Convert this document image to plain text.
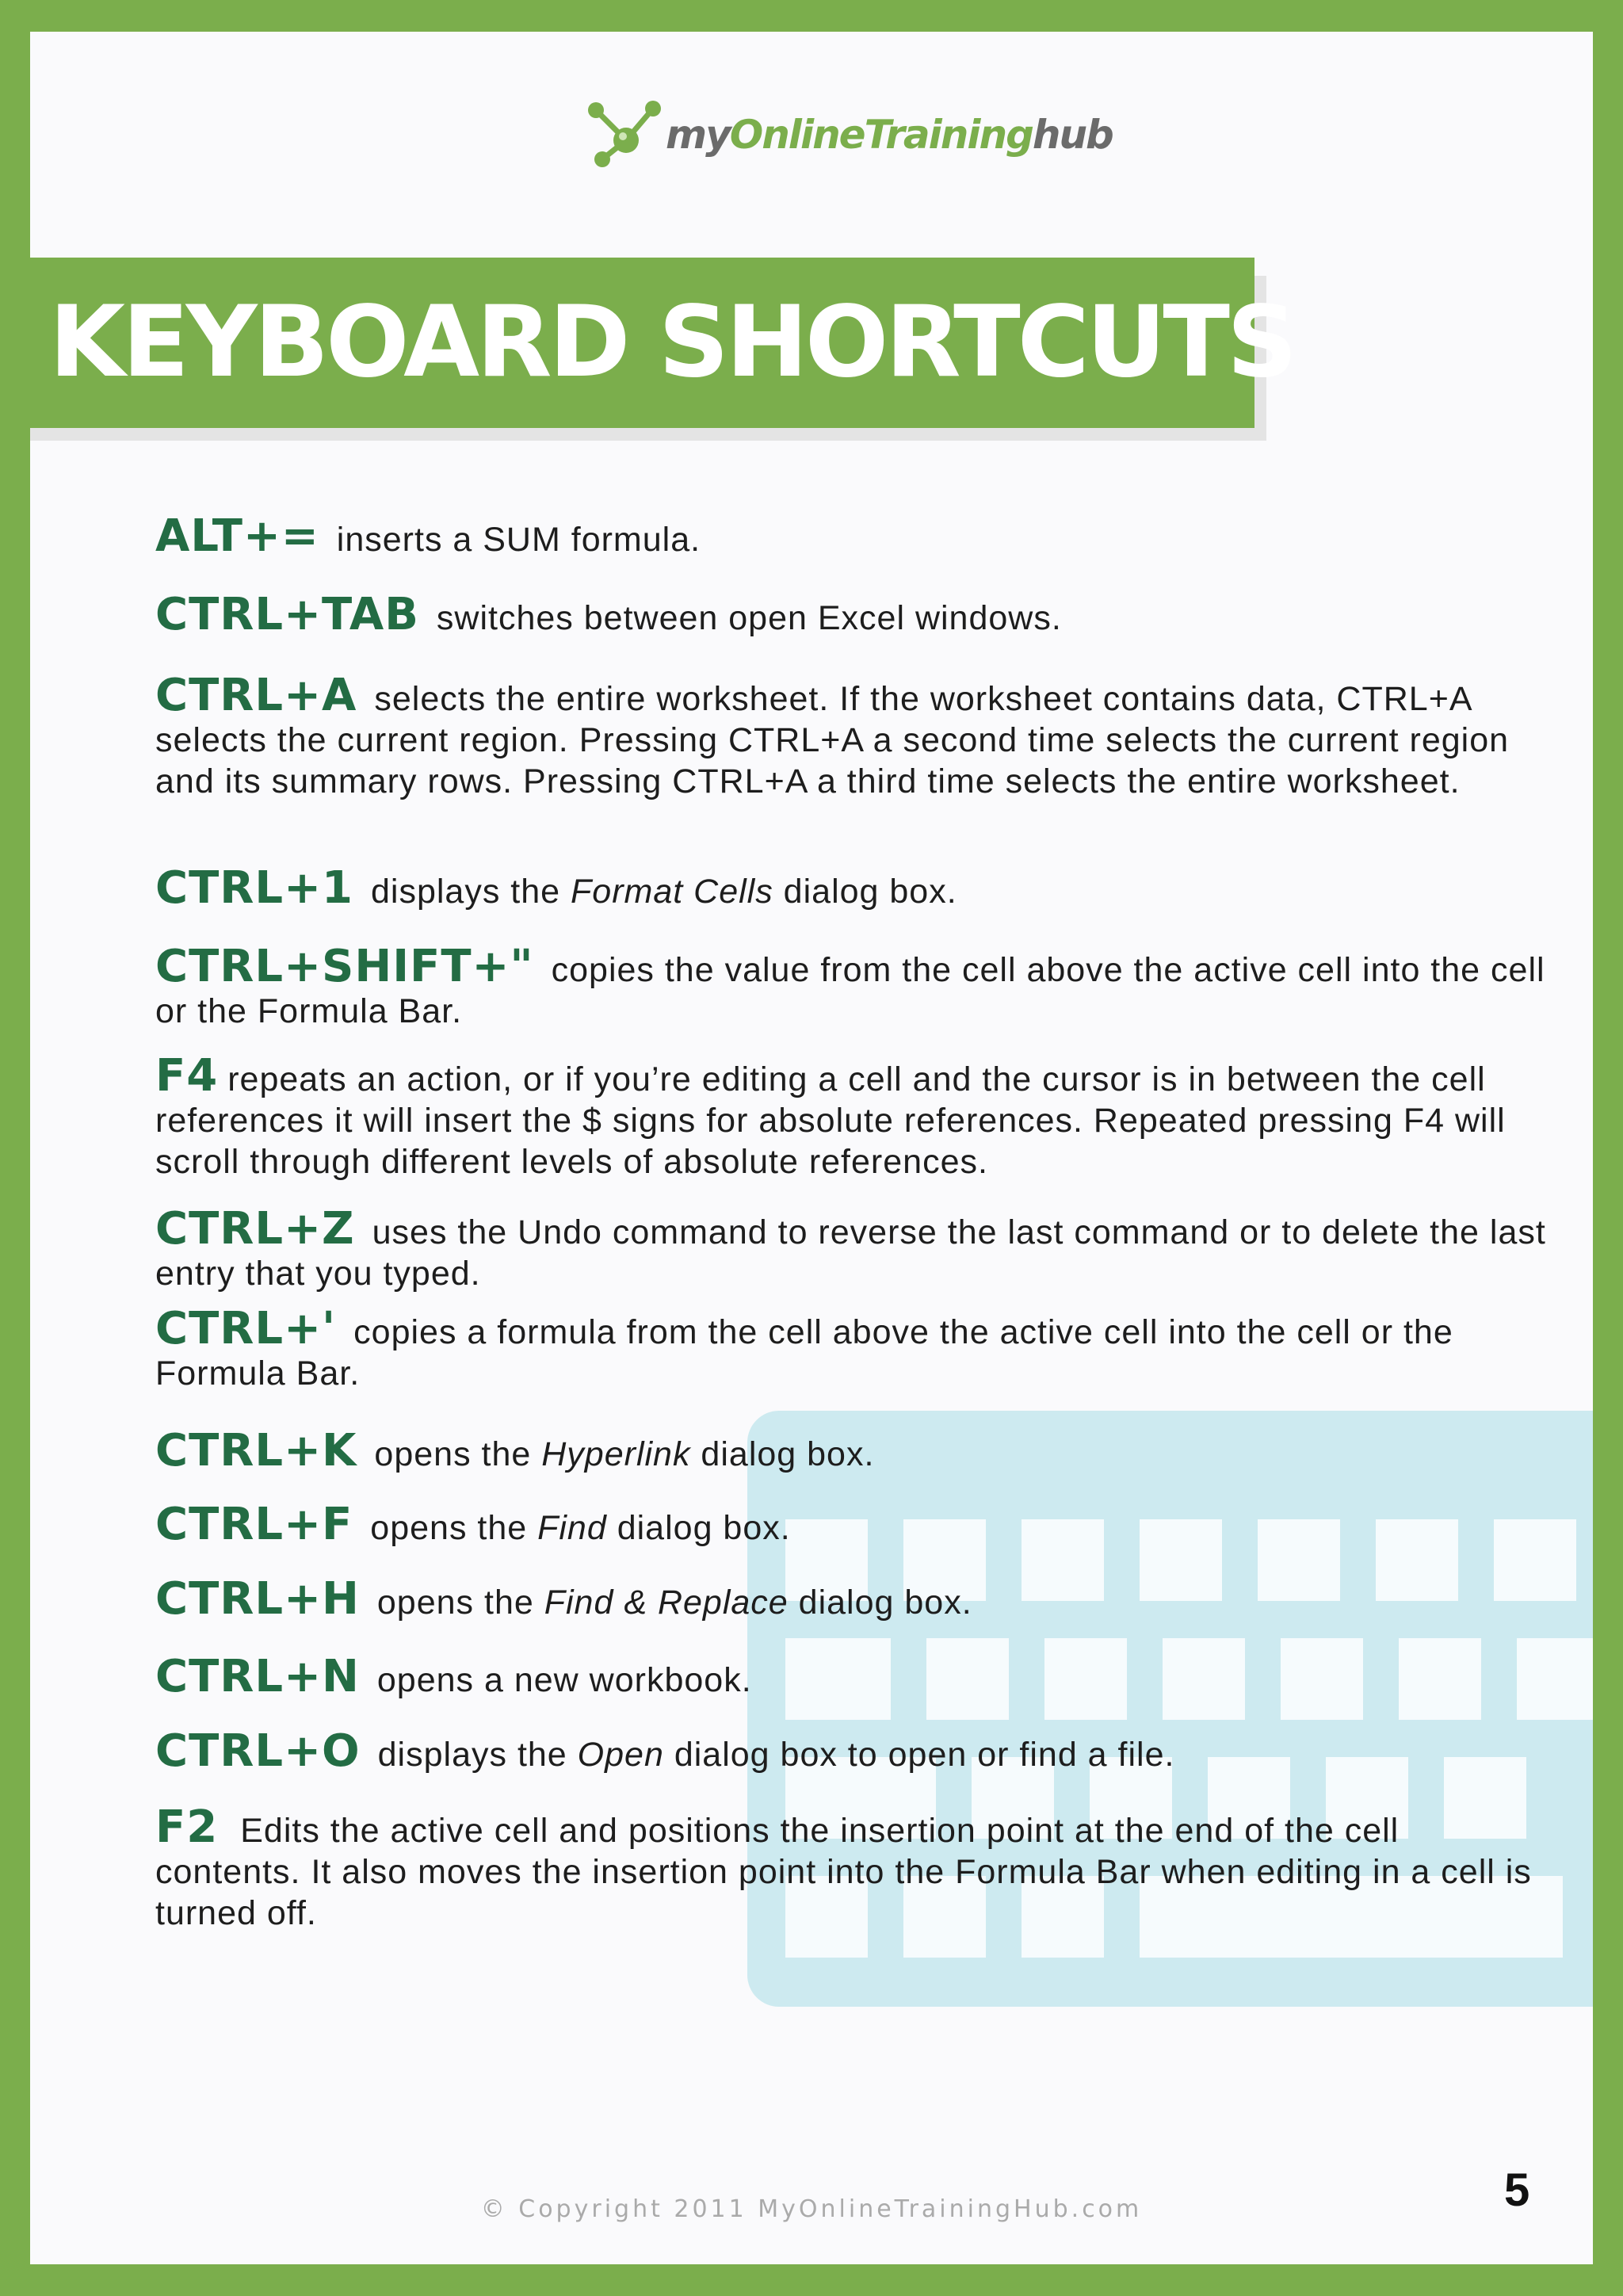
myOnlineTraininghub
KEYBOARD SHORTCUTS

ALT+= inserts a SUM formula.

CTRL+TAB switches between open Excel windows.

CTRL+A selects the entire worksheet. If the worksheet contains data, CTRL+A selects the current region. Pressing CTRL+A a second time selects the current region and its summary rows. Pressing CTRL+A a third time selects the entire worksheet.

CTRL+1 displays the Format Cells dialog box.

CTRL+SHIFT+" copies the value from the cell above the active cell into the cell or the Formula Bar.

F4 repeats an action, or if you’re editing a cell and the cursor is in between the cell references it will insert the $ signs for absolute references. Repeated pressing F4 will scroll through different levels of absolute references.

CTRL+Z uses the Undo command to reverse the last command or to delete the last entry that you typed.

CTRL+' copies a formula from the cell above the active cell into the cell or the Formula Bar.

CTRL+K opens the Hyperlink dialog box.

CTRL+F opens the Find dialog box.

CTRL+H opens the Find & Replace dialog box.

CTRL+N opens a new workbook.

CTRL+O displays the Open dialog box to open or find a file.

F2 Edits the active cell and positions the insertion point at the end of the cell contents. It also moves the insertion point into the Formula Bar when editing in a cell is turned off.

© Copyright 2011 MyOnlineTrainingHub.com	5
